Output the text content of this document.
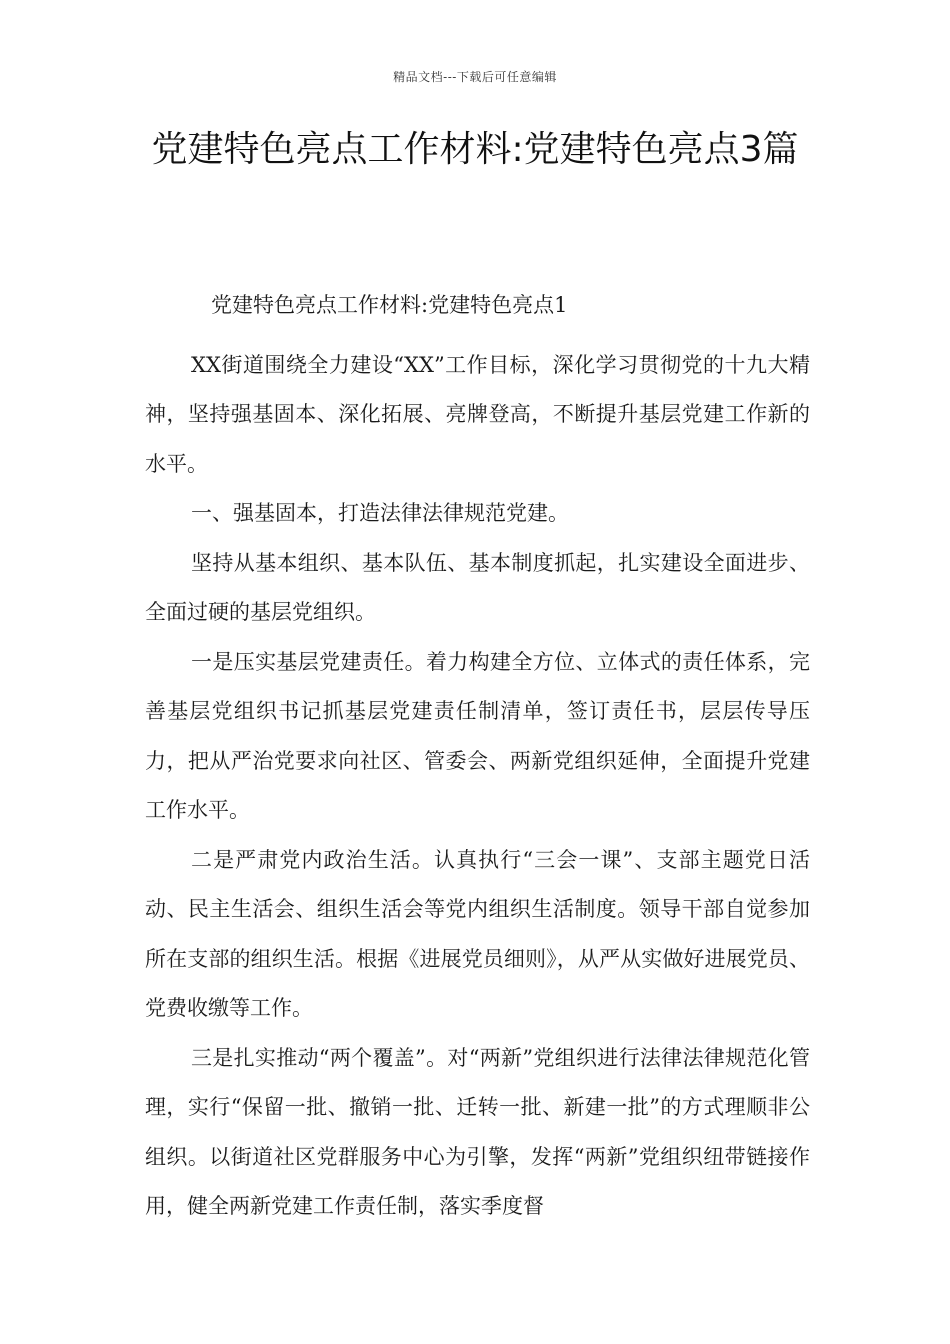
精品文档---下载后可任意编辑
党建特色亮点工作材料:党建特色亮点3篇

党建特色亮点工作材料:党建特色亮点1

XX街道围绕全力建设“XX”工作目标，深化学习贯彻党的十九大精神，坚持强基固本、深化拓展、亮牌登高，不断提升基层党建工作新的水平。

一、强基固本，打造法律法律规范党建。

坚持从基本组织、基本队伍、基本制度抓起，扎实建设全面进步、全面过硬的基层党组织。

一是压实基层党建责任。着力构建全方位、立体式的责任体系，完善基层党组织书记抓基层党建责任制清单，签订责任书，层层传导压力，把从严治党要求向社区、管委会、两新党组织延伸，全面提升党建工作水平。

二是严肃党内政治生活。认真执行“三会一课”、支部主题党日活动、民主生活会、组织生活会等党内组织生活制度。领导干部自觉参加所在支部的组织生活。根据《进展党员细则》，从严从实做好进展党员、党费收缴等工作。

三是扎实推动“两个覆盖”。对“两新”党组织进行法律法律规范化管理，实行“保留一批、撤销一批、迁转一批、新建一批”的方式理顺非公组织。以街道社区党群服务中心为引擎，发挥“两新”党组织纽带链接作用，健全两新党建工作责任制，落实季度督
